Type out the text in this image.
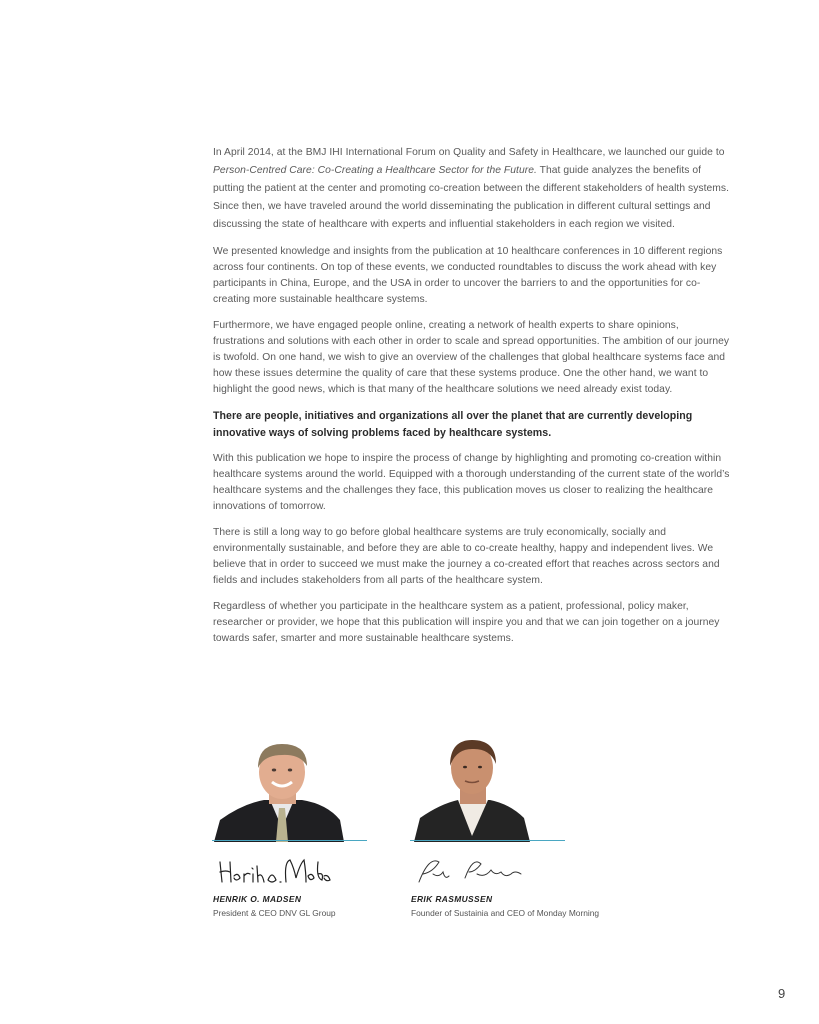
In April 2014, at the BMJ IHI International Forum on Quality and Safety in Healthcare, we launched our guide to Person-Centred Care: Co-Creating a Healthcare Sector for the Future. That guide analyzes the benefits of putting the patient at the center and promoting co-creation between the different stakeholders of health systems. Since then, we have traveled around the world disseminating the publication in different cultural settings and discussing the state of healthcare with experts and influential stakeholders in each region we visited.

We presented knowledge and insights from the publication at 10 healthcare conferences in 10 different regions across four continents. On top of these events, we conducted roundtables to discuss the work ahead with key participants in China, Europe, and the USA in order to uncover the barriers to and the opportunities for co-creating more sustainable healthcare systems.

Furthermore, we have engaged people online, creating a network of health experts to share opinions, frustrations and solutions with each other in order to scale and spread opportunities. The ambition of our journey is twofold. On one hand, we wish to give an overview of the challenges that global healthcare systems face and how these issues determine the quality of care that these systems produce. One the other hand, we want to highlight the good news, which is that many of the healthcare solutions we need already exist today.

There are people, initiatives and organizations all over the planet that are currently developing innovative ways of solving problems faced by healthcare systems.

With this publication we hope to inspire the process of change by highlighting and promoting co-creation within healthcare systems around the world. Equipped with a thorough understanding of the current state of the world’s healthcare systems and the challenges they face, this publication moves us closer to realizing the healthcare innovations of tomorrow.

There is still a long way to go before global healthcare systems are truly economically, socially and environmentally sustainable, and before they are able to co-create healthy, happy and independent lives. We believe that in order to succeed we must make the journey a co-created effort that reaches across sectors and fields and includes stakeholders from all parts of the healthcare system.

Regardless of whether you participate in the healthcare system as a patient, professional, policy maker, researcher or provider, we hope that this publication will inspire you and that we can join together on a journey towards safer, smarter and more sustainable healthcare systems.

HENRIK O. MADSEN
President & CEO DNV GL Group
ERIK RASMUSSEN
Founder of Sustainia and CEO of Monday Morning
9
